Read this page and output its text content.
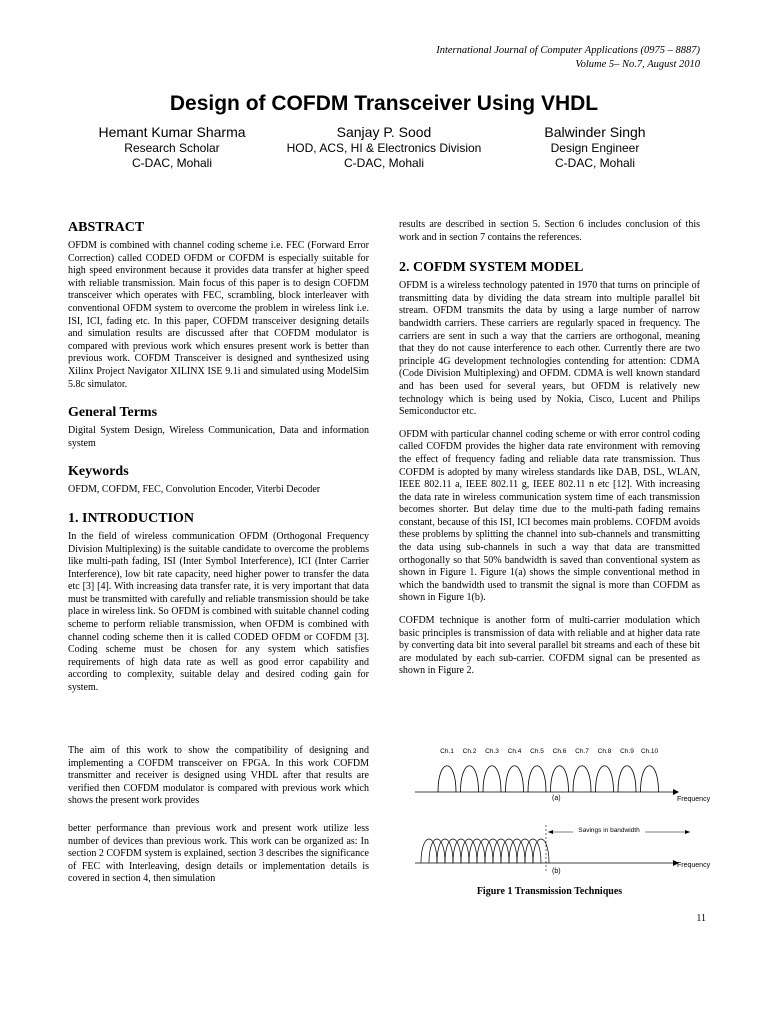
International Journal of Computer Applications (0975 – 8887)
Volume 5– No.7, August 2010
Design of COFDM Transceiver Using VHDL
Hemant Kumar Sharma
Research Scholar
C-DAC, Mohali
Sanjay P. Sood
HOD, ACS, HI & Electronics Division
C-DAC, Mohali
Balwinder Singh
Design Engineer
C-DAC, Mohali
ABSTRACT

OFDM is combined with channel coding scheme i.e. FEC (Forward Error Correction) called CODED OFDM or COFDM is especially suitable for high speed environment because it provides data transfer at higher speed with reliable transmission. Main focus of this paper is to design COFDM transceiver which operates with FEC, scrambling, block interleaver with conventional OFDM system to overcome the problem in wireless link i.e. ISI, ICI, fading etc. In this paper, COFDM transceiver designing details and simulation results are discussed after that COFDM modulator is compared with previous work which ensures present work is better than previous work. COFDM Transceiver is designed and synthesized using Xilinx Project Navigator XILINX ISE 9.1i and simulated using ModelSim 5.8c simulator.

General Terms

Digital System Design, Wireless Communication, Data and information system

Keywords

OFDM, COFDM, FEC, Convolution Encoder, Viterbi Decoder

1. INTRODUCTION

In the field of wireless communication OFDM (Orthogonal Frequency Division Multiplexing) is the suitable candidate to overcome the problems like multi-path fading, ISI (Inter Symbol Interference), ICI (Inter Carrier Interference), low bit rate capacity, need higher power to transfer the data etc [3] [4]. With increasing data transfer rate, it is very important that data must be transmitted with carefully and reliable transmission should be take place in wireless link. So OFDM is combined with suitable channel coding scheme to perform reliable transmission, when OFDM is combined with channel coding scheme then it is called CODED OFDM or COFDM [3]. Coding scheme must be chosen for any system which satisfies requirements of high data rate as well as good error capability and according to complexity, suitable delay and desired coding gain for system.

The aim of this work to show the compatibility of designing and implementing a COFDM transceiver on FPGA. In this work COFDM transmitter and receiver is designed using VHDL after that results are verified then COFDM modulator is compared with previous work which shows the present work provides
better performance than previous work and present work utilize less number of devices than previous work. This work can be organized as: In section 2 COFDM system is explained, section 3 describes the significance of FEC with Interleaving, design details or implementation details is covered in section 4, then simulation

results are described in section 5. Section 6 includes conclusion of this work and in section 7 contains the references.

2. COFDM SYSTEM MODEL

OFDM is a wireless technology patented in 1970 that turns on principle of transmitting data by dividing the data stream into multiple parallel bit stream. OFDM transmits the data by using a large number of narrow bandwidth carriers. These carriers are regularly spaced in frequency. The carriers are sent in such a way that the carriers are orthogonal, meaning that they do not cause interference to each other. Currently there are two principle 4G development technologies contending for attention: CDMA (Code Division Multiplexing) and OFDM. CDMA is well known standard and has been used for several years, but OFDM is relatively new technology which is being used by Nokia, Cisco, Lucent and Philips Semiconductor etc.

OFDM with particular channel coding scheme or with error control coding called COFDM provides the higher data rate environment with removing the effect of frequency fading and reliable data rate transmission. Thus COFDM is adopted by many wireless standards like DAB, DSL, WLAN, IEEE 802.11 a, IEEE 802.11 g, IEEE 802.11 n etc [12]. With increasing the data rate in wireless communication system time of each transmission becomes shorter. But delay time due to the multi-path fading remains constant, because of this ISI, ICI becomes main problems. COFDM avoids these problems by splitting the channel into sub-channels and transmitting the data using sub-channels in such a way that data are transmitted orthogonally so that 50% bandwidth is saved than conventional system as shown in Figure 1. Figure 1(a) shows the simple conventional method in which the bandwidth used to transmit the signal is more than COFDM as shown in Figure 1(b).

COFDM technique is another form of multi-carrier modulation which basic principles is transmission of data with reliable and at higher data rate by converting data bit into several parallel bit streams and each of these bit are modulated by each sub-carrier. COFDM signal can be presented as shown in Figure 2.

Ch.1 Ch.2 Ch.3 Ch.4 Ch.5 Ch.6 Ch.7 Ch.8 Ch.9 Ch.10
Frequency
(a)
Frequency
Savings in bandwidth
(b)
Figure 1 Transmission Techniques
11
